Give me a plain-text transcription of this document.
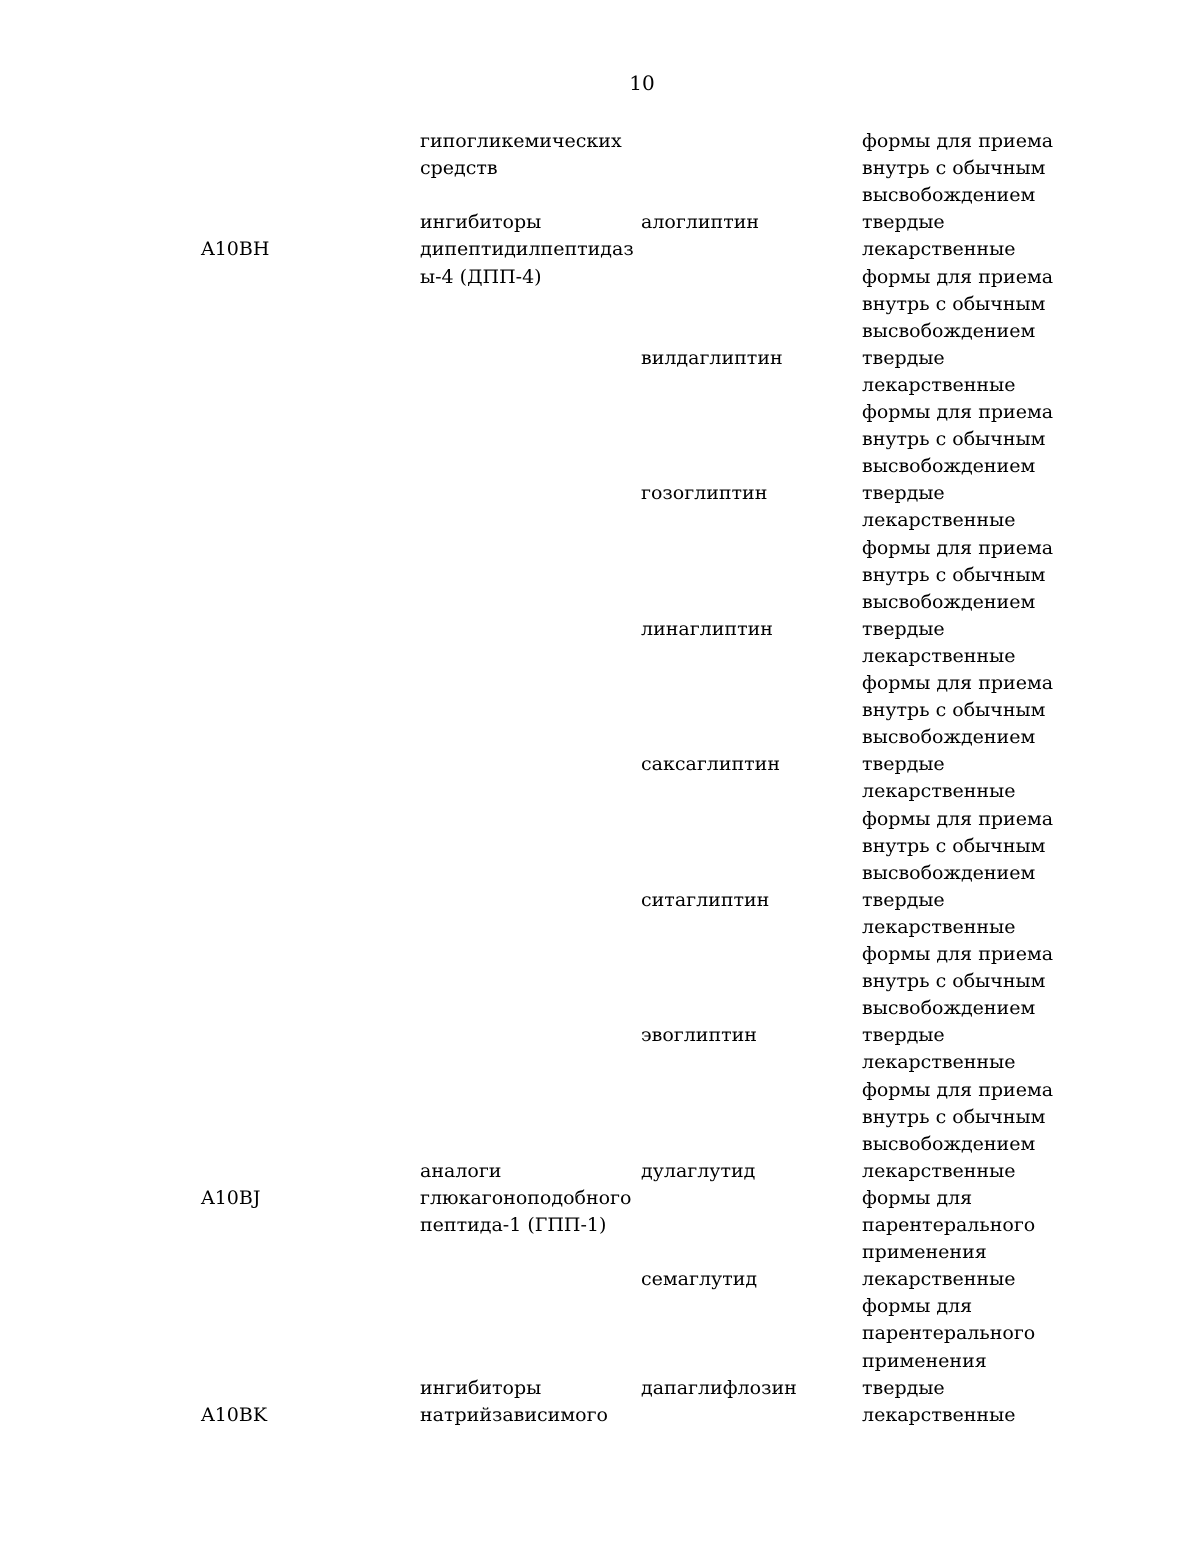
10
формы для приема
внутрь с обычным
высвобождением
гипогликемических
средств
твердые
лекарственные
формы для приема
внутрь с обычным
высвобождением
ингибиторы
дипептидилпептидаз
ы-4 (ДПП-4)
алоглиптин
A10BH
твердые
лекарственные
формы для приема
внутрь с обычным
высвобождением
вилдаглиптин
твердые
лекарственные
формы для приема
внутрь с обычным
высвобождением
гозоглиптин
твердые
лекарственные
формы для приема
внутрь с обычным
высвобождением
линаглиптин
твердые
лекарственные
формы для приема
внутрь с обычным
высвобождением
саксаглиптин
твердые
лекарственные
формы для приема
внутрь с обычным
высвобождением
ситаглиптин
твердые
лекарственные
формы для приема
внутрь с обычным
высвобождением
эвоглиптин
лекарственные
формы для
парентерального
применения
аналоги
глюкагоноподобного
пептида-1 (ГПП-1)
дулаглутид
A10BJ
лекарственные
формы для
парентерального
применения
семаглутид
твердые
лекарственные
ингибиторы
натрийзависимого
дапаглифлозин
A10BK
